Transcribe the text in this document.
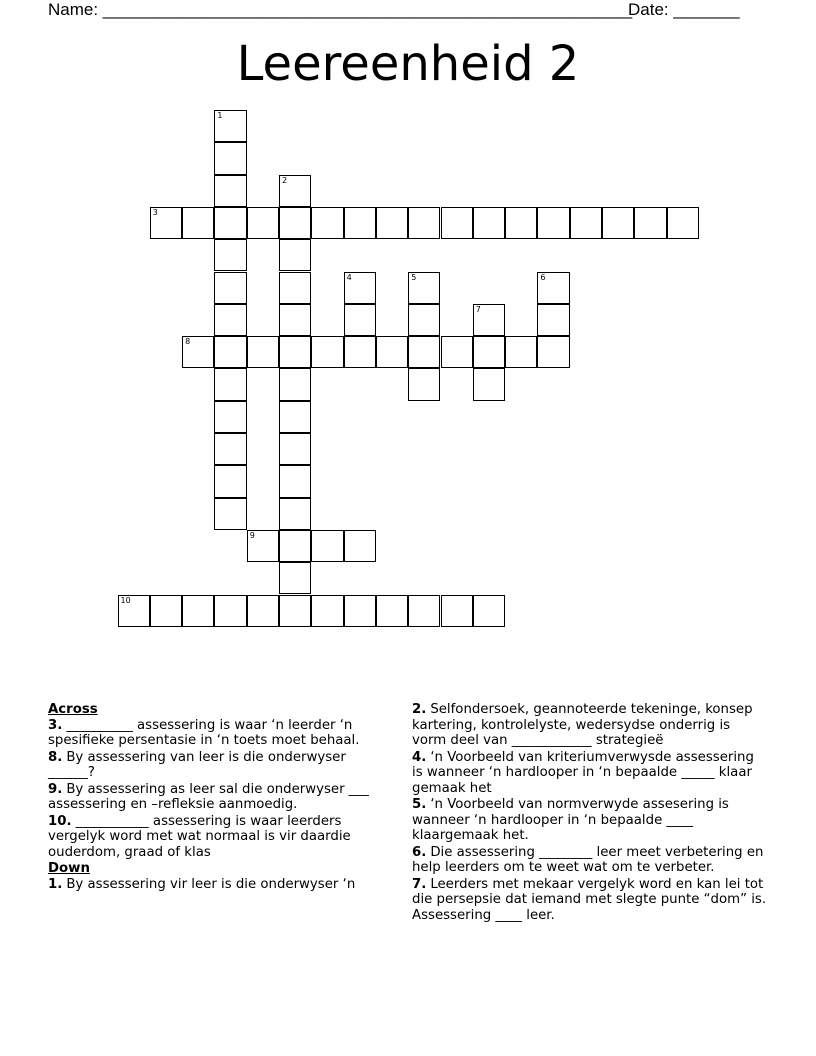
Name: ________________________________________________________
Date: _______
Leereenheid 2
1
2
3
4	5	6
7
8
9
10
Across
3. __________ assessering is waar ‘n leerder ‘n spesifieke persentasie in ‘n toets moet behaal.
8. By assessering van leer is die onderwyser ______?
9. By assessering as leer sal die onderwyser ___ assessering en –refleksie aanmoedig.
10. ___________ assessering is waar leerders vergelyk word met wat normaal is vir daardie ouderdom, graad of klas
Down
1. By assessering vir leer is die onderwyser ‘n
2. Selfondersoek, geannoteerde tekeninge, konsep kartering, kontrolelyste, wedersydse onderrig is vorm deel van ____________ strategieë
4. ‘n Voorbeeld van kriteriumverwysde assessering is wanneer ‘n hardlooper in ‘n bepaalde _____ klaar gemaak het
5. ‘n Voorbeeld van normverwyde assesering is wanneer ‘n hardlooper in ‘n bepaalde ____ klaargemaak het.
6. Die assessering ________ leer meet verbetering en help leerders om te weet wat om te verbeter.
7. Leerders met mekaar vergelyk word en kan lei tot die persepsie dat iemand met slegte punte “dom” is. Assessering ____ leer.
